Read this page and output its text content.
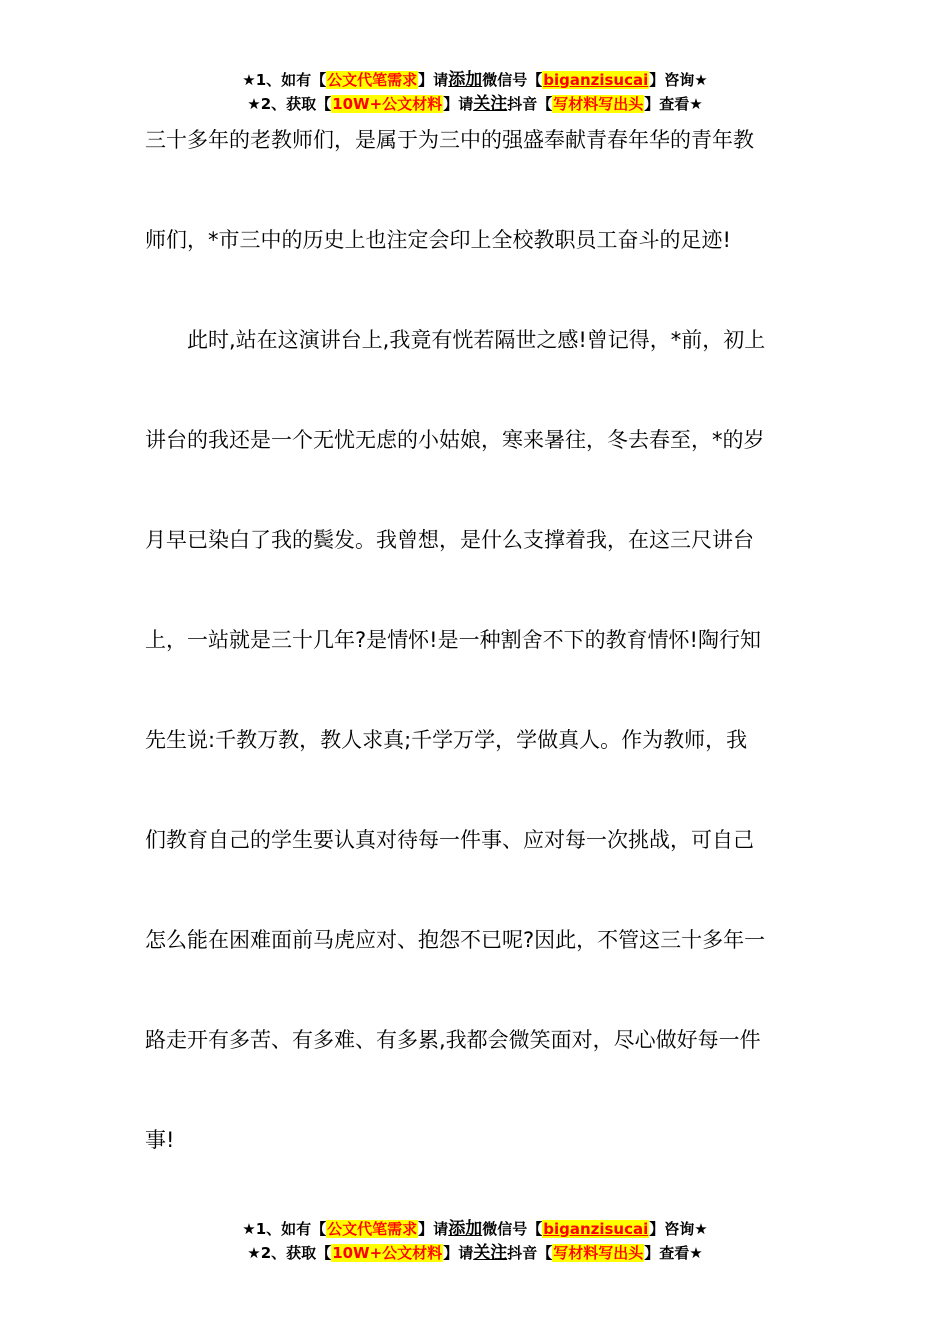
★1、如有【公文代笔需求】请添加微信号【biganzisucai】咨询★
★2、获取【10W+公文材料】请关注抖音【写材料写出头】查看★
三十多年的老教师们，是属于为三中的强盛奉献青春年华的青年教
师们，*市三中的历史上也注定会印上全校教职员工奋斗的足迹!
　　此时,站在这演讲台上,我竟有恍若隔世之感!曾记得，*前，初上
讲台的我还是一个无忧无虑的小姑娘，寒来暑往，冬去春至，*的岁
月早已染白了我的鬓发。我曾想，是什么支撑着我，在这三尺讲台
上，一站就是三十几年?是情怀!是一种割舍不下的教育情怀!陶行知
先生说:千教万教，教人求真;千学万学，学做真人。作为教师，我
们教育自己的学生要认真对待每一件事、应对每一次挑战，可自己
怎么能在困难面前马虎应对、抱怨不已呢?因此，不管这三十多年一
路走开有多苦、有多难、有多累,我都会微笑面对，尽心做好每一件
事!
★1、如有【公文代笔需求】请添加微信号【biganzisucai】咨询★
★2、获取【10W+公文材料】请关注抖音【写材料写出头】查看★
